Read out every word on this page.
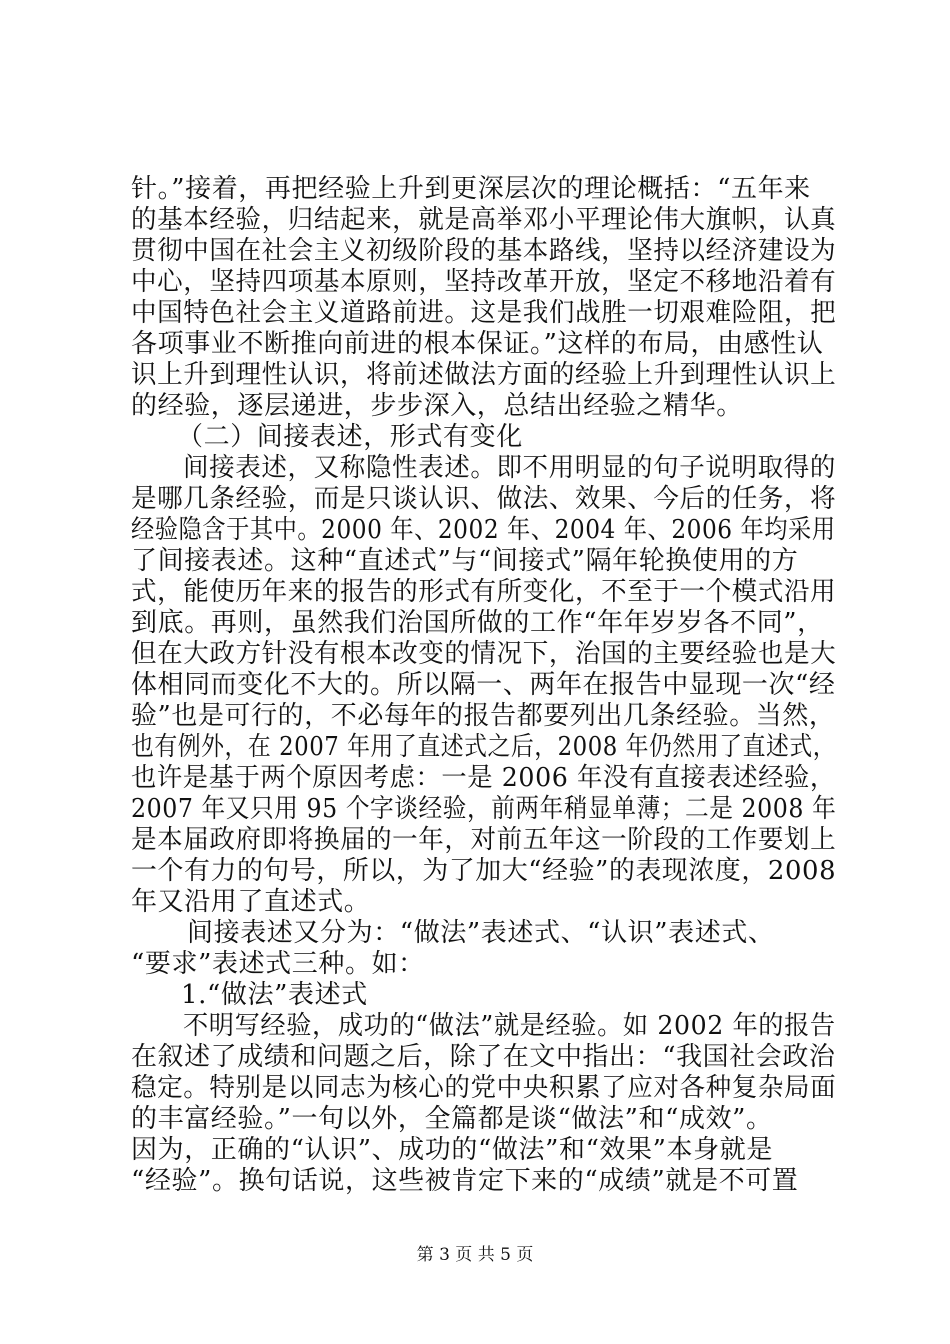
针。”接着，再把经验上升到更深层次的理论概括：“五年来
的基本经验，归结起来，就是高举邓小平理论伟大旗帜，认真
贯彻中国在社会主义初级阶段的基本路线，坚持以经济建设为
中心，坚持四项基本原则，坚持改革开放，坚定不移地沿着有
中国特色社会主义道路前进。这是我们战胜一切艰难险阻，把
各项事业不断推向前进的根本保证。”这样的布局，由感性认
识上升到理性认识，将前述做法方面的经验上升到理性认识上
的经验，逐层递进，步步深入，总结出经验之精华。
（二）间接表述，形式有变化
间接表述，又称隐性表述。即不用明显的句子说明取得的
是哪几条经验，而是只谈认识、做法、效果、今后的任务，将
经验隐含于其中。2000 年、2002 年、2004 年、2006 年均采用
了间接表述。这种“直述式”与“间接式”隔年轮换使用的方
式，能使历年来的报告的形式有所变化，不至于一个模式沿用
到底。再则，虽然我们治国所做的工作“年年岁岁各不同”，
但在大政方针没有根本改变的情况下，治国的主要经验也是大
体相同而变化不大的。所以隔一、两年在报告中显现一次“经
验”也是可行的，不必每年的报告都要列出几条经验。当然，
也有例外，在 2007 年用了直述式之后，2008 年仍然用了直述式，
也许是基于两个原因考虑：一是 2006 年没有直接表述经验，
2007 年又只用 95 个字谈经验，前两年稍显单薄；二是 2008 年
是本届政府即将换届的一年，对前五年这一阶段的工作要划上
一个有力的句号，所以，为了加大“经验”的表现浓度，2008
年又沿用了直述式。
间接表述又分为：“做法”表述式、“认识”表述式、
“要求”表述式三种。如：
1.“做法”表述式
不明写经验，成功的“做法”就是经验。如 2002 年的报告
在叙述了成绩和问题之后，除了在文中指出：“我国社会政治
稳定。特别是以同志为核心的党中央积累了应对各种复杂局面
的丰富经验。”一句以外，全篇都是谈“做法”和“成效”。
因为，正确的“认识”、成功的“做法”和“效果”本身就是
“经验”。换句话说，这些被肯定下来的“成绩”就是不可置
第 3 页 共 5 页
